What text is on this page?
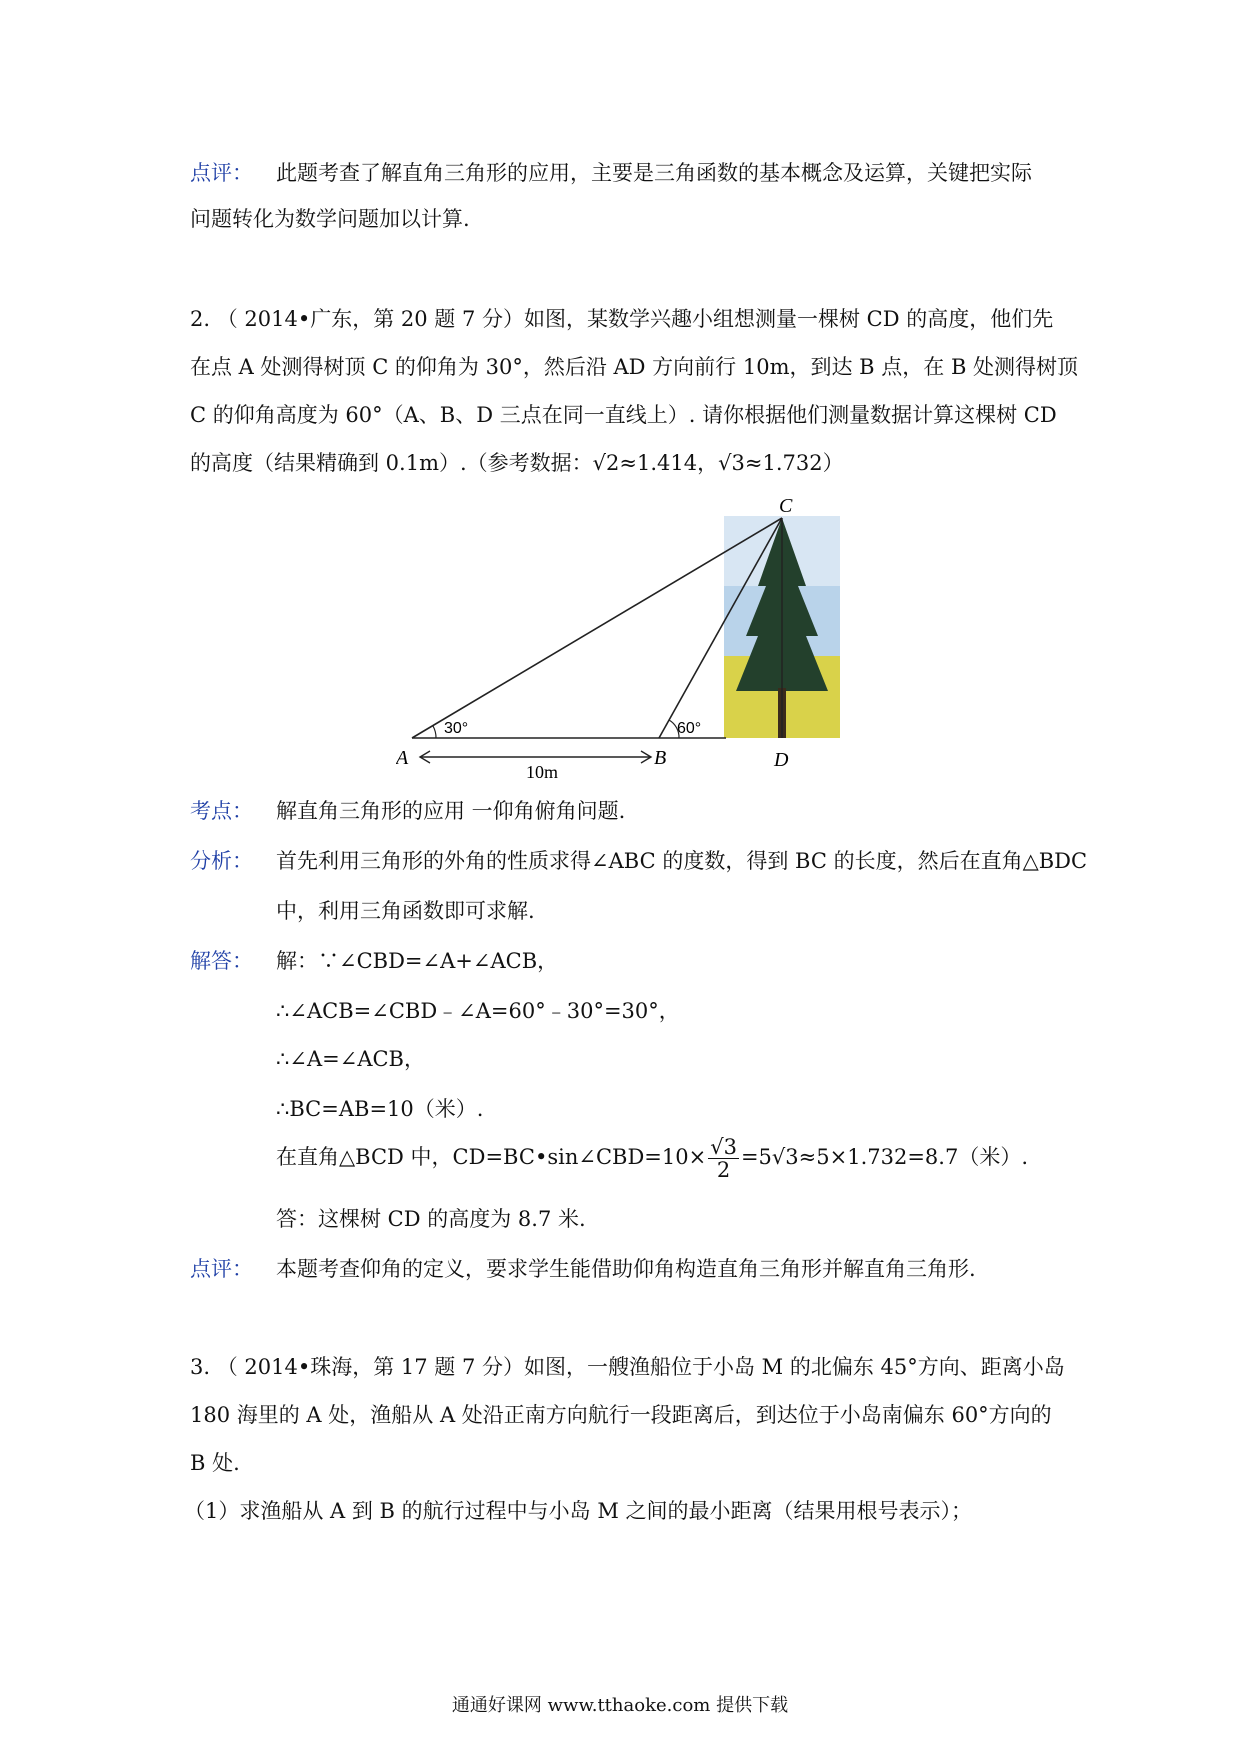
点评： 此题考查了解直角三角形的应用，主要是三角函数的基本概念及运算，关键把实际
问题转化为数学问题加以计算.
2. （ 2014•广东，第 20 题 7 分）如图，某数学兴趣小组想测量一棵树 CD 的高度，他们先
在点 A 处测得树顶 C 的仰角为 30°，然后沿 AD 方向前行 10m，到达 B 点，在 B 处测得树顶
C 的仰角高度为 60°（A、B、D 三点在同一直线上）. 请你根据他们测量数据计算这棵树 CD
的高度（结果精确到 0.1m）.（参考数据：√2≈1.414，√3≈1.732）
C
A	B	D
30°	60°
10m
考点： 解直角三角形的应用 一仰角俯角问题.
分析： 首先利用三角形的外角的性质求得∠ABC 的度数，得到 BC 的长度，然后在直角△BDC
中，利用三角函数即可求解.
解答： 解：∵∠CBD=∠A+∠ACB，
∴∠ACB=∠CBD﹣∠A=60°﹣30°=30°，
∴∠A=∠ACB，
∴BC=AB=10（米）.
在直角△BCD 中，CD=BC•sin∠CBD=10× $\frac{√3}{2} =5√3\approx 5\times 1.732=8.7$（米）.
答：这棵树 CD 的高度为 8.7 米.
点评： 本题考查仰角的定义，要求学生能借助仰角构造直角三角形并解直角三角形.
3. （ 2014•珠海，第 17 题 7 分）如图，一艘渔船位于小岛 M 的北偏东 45°方向、距离小岛
180 海里的 A 处，渔船从 A 处沿正南方向航行一段距离后，到达位于小岛南偏东 60°方向的
B 处.
（1）求渔船从 A 到 B 的航行过程中与小岛 M 之间的最小距离（结果用根号表示）；
通通好课网 www.tthaoke.com 提供下载
